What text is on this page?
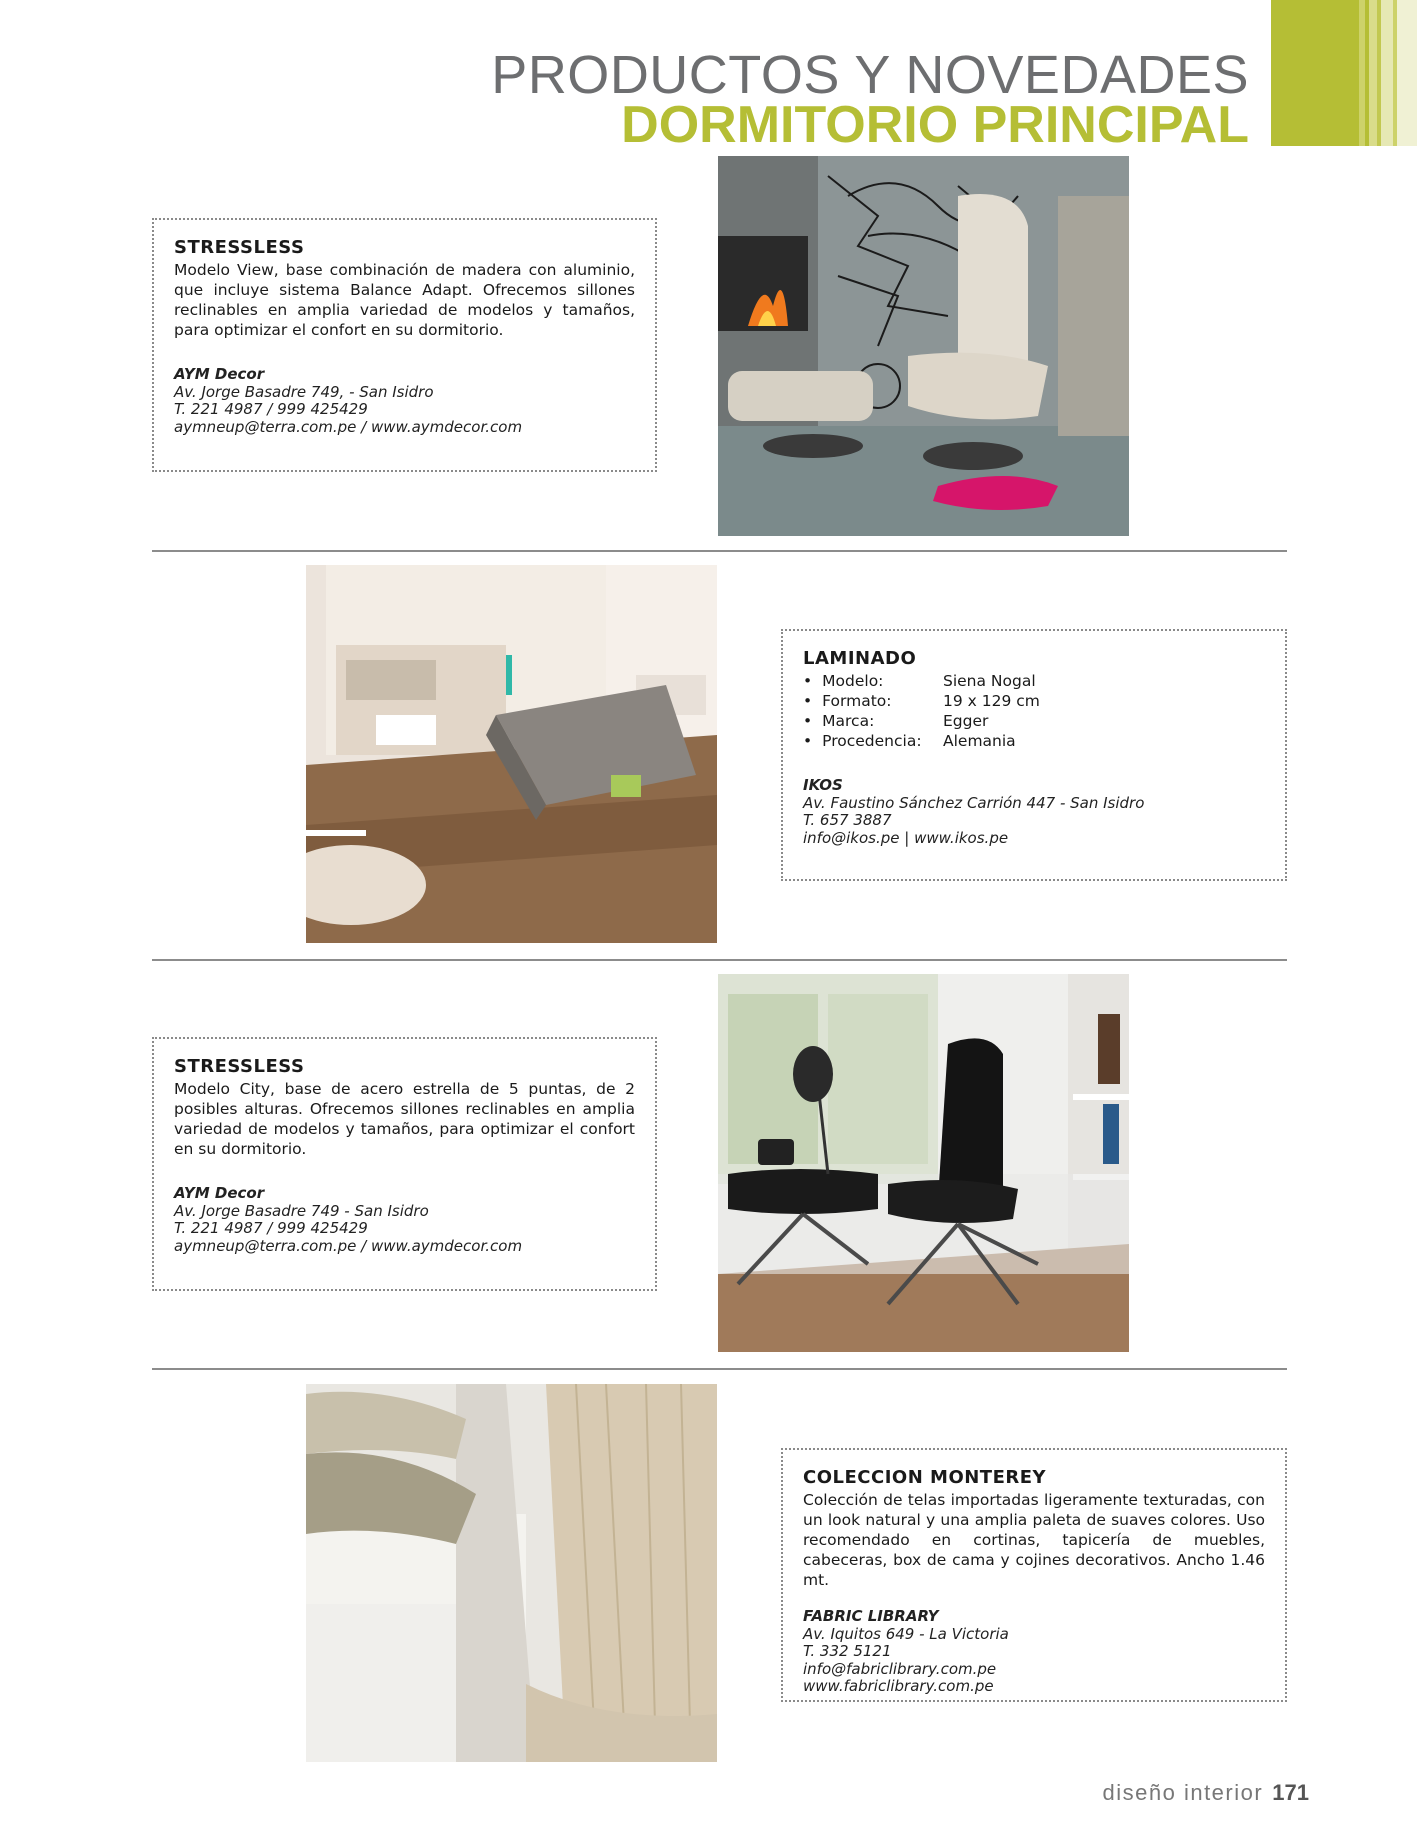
PRODUCTOS Y NOVEDADES
DORMITORIO PRINCIPAL
STRESSLESS

Modelo View, base combinación de madera con aluminio, que incluye sistema Balance Adapt. Ofrecemos sillones reclinables en amplia variedad de modelos y tamaños, para optimizar el confort en su dormitorio.

AYM Decor
Av. Jorge Basadre 749, - San Isidro
T. 221 4987 / 999 425429
aymneup@terra.com.pe / www.aymdecor.com
LAMINADO
• Modelo:	Siena Nogal
• Formato:	19 x 129 cm
• Marca:	Egger
• Procedencia:	Alemania
IKOS
Av. Faustino Sánchez Carrión 447 - San Isidro
T. 657 3887
info@ikos.pe | www.ikos.pe
STRESSLESS

Modelo City, base de acero estrella de 5 puntas, de 2 posibles alturas. Ofrecemos sillones reclinables en amplia variedad de modelos y tamaños, para optimizar el confort en su dormitorio.

AYM Decor
Av. Jorge Basadre 749 - San Isidro
T. 221 4987 / 999 425429
aymneup@terra.com.pe / www.aymdecor.com
COLECCION MONTEREY

Colección de telas importadas ligeramente texturadas, con un look natural y una amplia paleta de suaves colores. Uso recomendado en cortinas, tapicería de muebles, cabeceras, box de cama y cojines decorativos. Ancho 1.46 mt.

FABRIC LIBRARY
Av. Iquitos 649 - La Victoria
T. 332 5121
info@fabriclibrary.com.pe
www.fabriclibrary.com.pe
diseño interior 171
